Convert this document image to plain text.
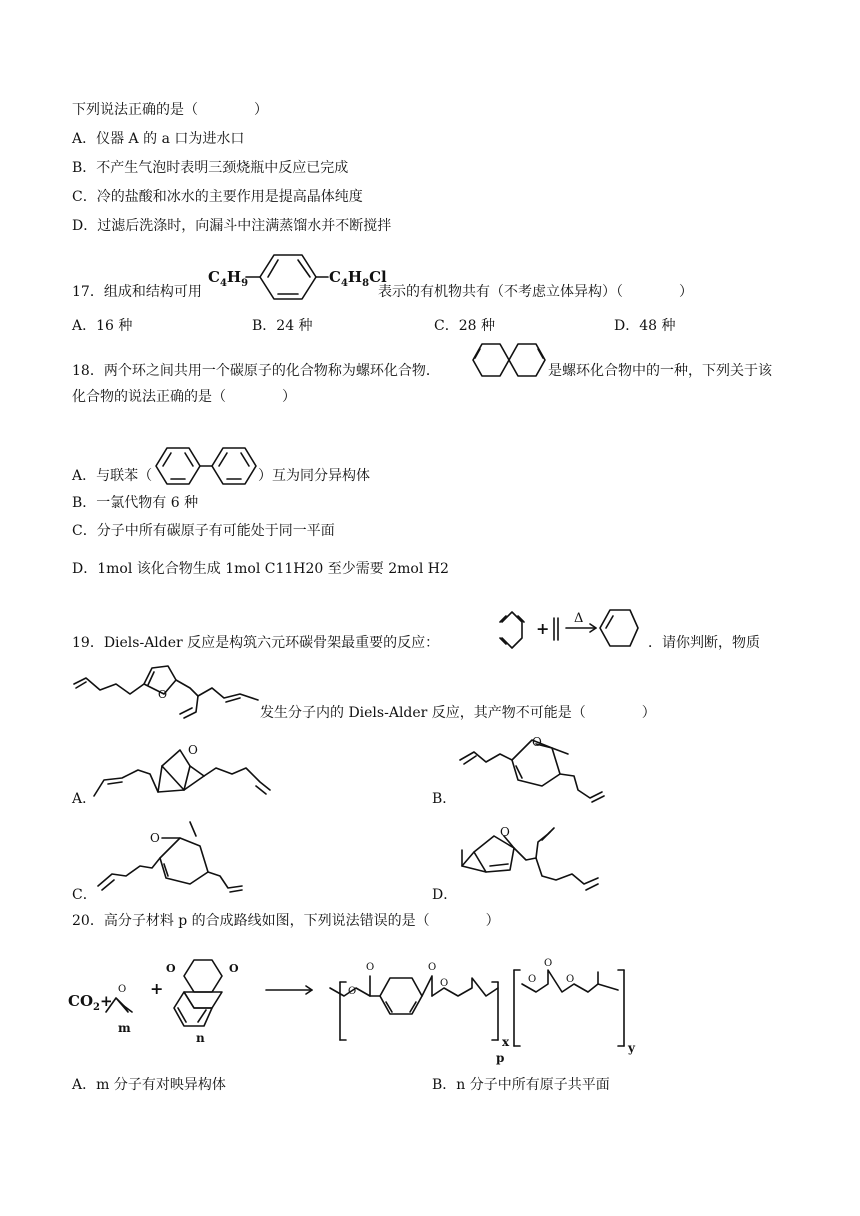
下列说法正确的是（　　　　）
A．仪器 A 的 a 口为进水口
B．不产生气泡时表明三颈烧瓶中反应已完成
C．冷的盐酸和冰水的主要作用是提高晶体纯度
D．过滤后洗涤时，向漏斗中注满蒸馏水并不断搅拌
17．组成和结构可用
$C_4H_9$	$C_4H_8Cl$
表示的有机物共有（不考虑立体异构）（　　　　）
A．16 种	B．24 种	C．28 种	D．48 种
18．两个环之间共用一个碳原子的化合物称为螺环化合物．	是螺环化合物中的一种，下列关于该
化合物的说法正确的是（　　　　）
A．与联苯（	）互为同分异构体
B．一氯代物有 6 种
C．分子中所有碳原子有可能处于同一平面
D．1mol 该化合物生成 1mol C11H20 至少需要 2mol H2
19．Diels-Alder 反应是构筑六元环碳骨架最重要的反应：
+
Δ
．请你判断，物质
O
发生分子内的 Diels-Alder 反应，其产物不可能是（　　　　）
A．
O
B．
O
C．
O
D．
O
20．高分子材料 p 的合成路线如图，下列说法错误的是（　　　　）
$CO_2+$
O
m
+
O	O
n
O
O
O
O
x
O
O
O
y
p
A．m 分子有对映异构体	B．n 分子中所有原子共平面
